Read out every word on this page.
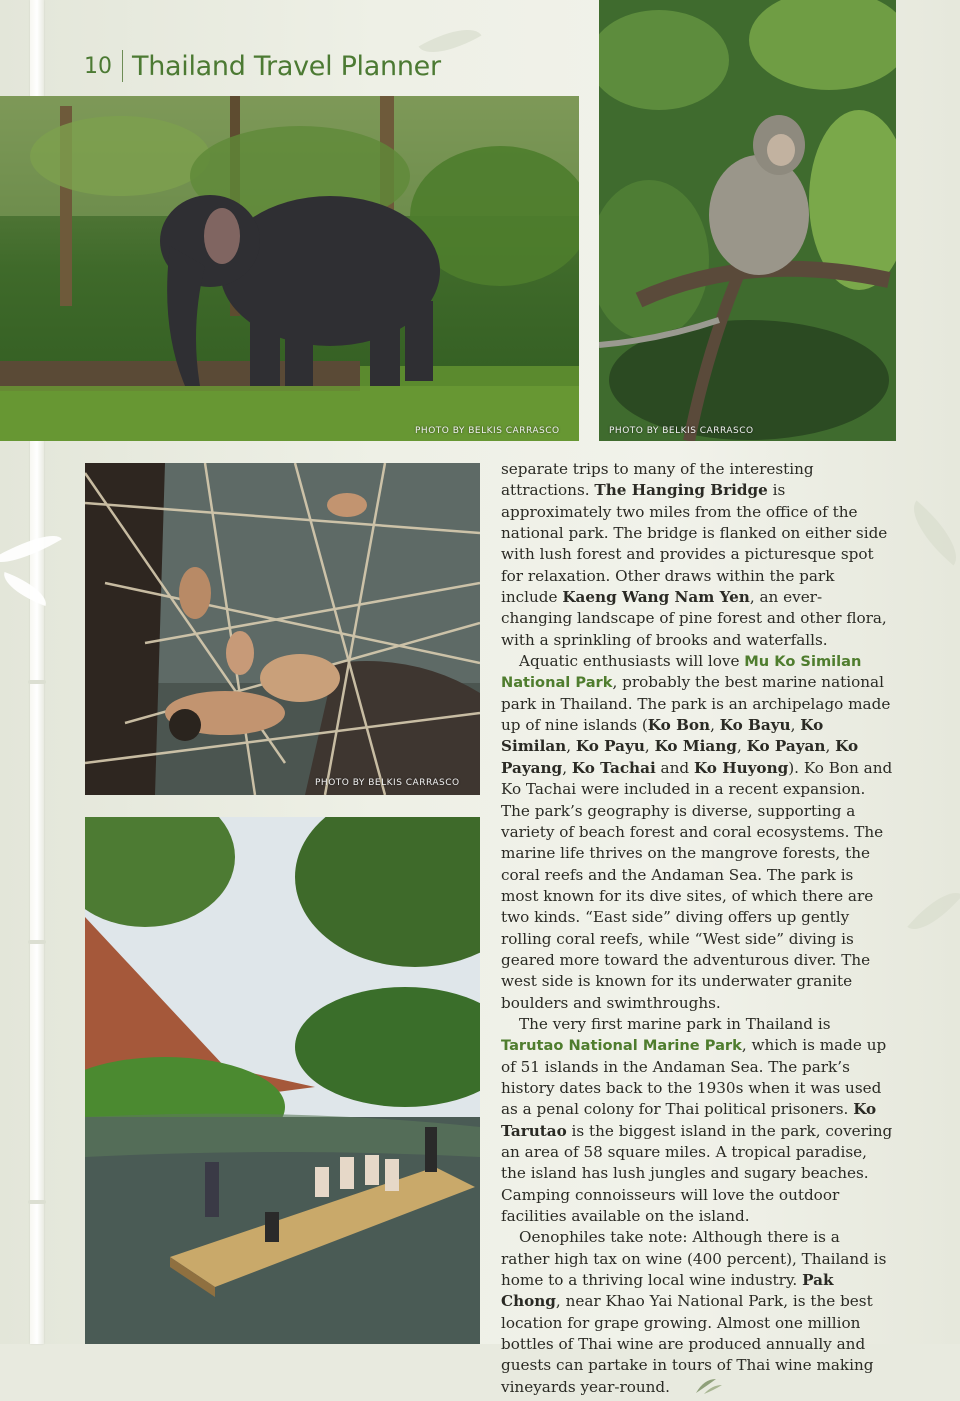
10 Thailand Travel Planner
PHOTO BY BELKIS CARRASCO	PHOTO BY BELKIS CARRASCO
PHOTO BY BELKIS CARRASCO

separate trips to many of the interesting attractions. The Hanging Bridge is approximately two miles from the office of the national park. The bridge is flanked on either side with lush forest and provides a picturesque spot for relaxation. Other draws within the park include Kaeng Wang Nam Yen, an ever-changing landscape of pine forest and other flora, with a sprinkling of brooks and waterfalls.

Aquatic enthusiasts will love Mu Ko Similan National Park, probably the best marine national park in Thailand. The park is an archipelago made up of nine islands (Ko Bon, Ko Bayu, Ko Similan, Ko Payu, Ko Miang, Ko Payan, Ko Payang, Ko Tachai and Ko Huyong). Ko Bon and Ko Tachai were included in a recent expansion. The park’s geography is diverse, supporting a variety of beach forest and coral ecosystems. The marine life thrives on the mangrove forests, the coral reefs and the Andaman Sea. The park is most known for its dive sites, of which there are two kinds. “East side” diving offers up gently rolling coral reefs, while “West side” diving is geared more toward the adventurous diver. The west side is known for its underwater granite boulders and swimthroughs.

The very first marine park in Thailand is Tarutao National Marine Park, which is made up of 51 islands in the Andaman Sea. The park’s history dates back to the 1930s when it was used as a penal colony for Thai political prisoners. Ko Tarutao is the biggest island in the park, covering an area of 58 square miles. A tropical paradise, the island has lush jungles and sugary beaches. Camping connoisseurs will love the outdoor facilities available on the island.

Oenophiles take note: Although there is a rather high tax on wine (400 percent), Thailand is home to a thriving local wine industry. Pak Chong, near Khao Yai National Park, is the best location for grape growing. Almost one million bottles of Thai wine are produced annually and guests can partake in tours of Thai wine making vineyards year-round.
